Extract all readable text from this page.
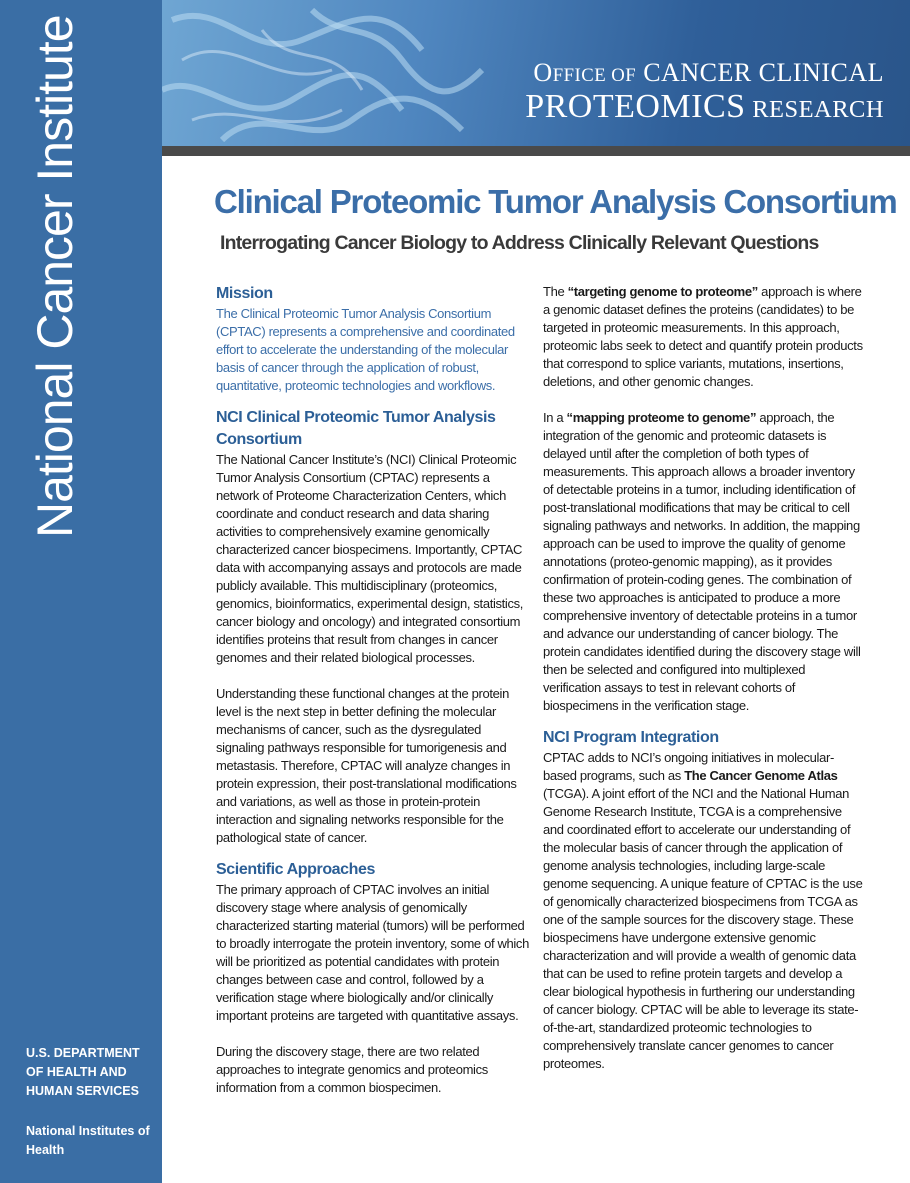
National Cancer Institute
U.S. DEPARTMENT OF HEALTH AND HUMAN SERVICES
National Institutes of Health
OFFICE OF CANCER CLINICAL
PROTEOMICS RESEARCH
Clinical Proteomic Tumor Analysis Consortium
Interrogating Cancer Biology to Address Clinically Relevant Questions
Mission

The Clinical Proteomic Tumor Analysis Consortium (CPTAC) represents a comprehensive and coordinated effort to accelerate the understanding of the molecular basis of cancer through the application of robust, quantitative, proteomic technologies and workflows.

NCI Clinical Proteomic Tumor Analysis Consortium

The National Cancer Institute’s (NCI) Clinical Proteomic Tumor Analysis Consortium (CPTAC) represents a network of Proteome Characterization Centers, which coordinate and conduct research and data sharing activities to comprehensively examine genomically characterized cancer biospecimens. Importantly, CPTAC data with accompanying assays and protocols are made publicly available. This multidisciplinary (proteomics, genomics, bioinformatics, experimental design, statistics, cancer biology and oncology) and integrated consortium identifies proteins that result from changes in cancer genomes and their related biological processes.

Understanding these functional changes at the protein level is the next step in better defining the molecular mechanisms of cancer, such as the dysregulated signaling pathways responsible for tumorigenesis and metastasis. Therefore, CPTAC will analyze changes in protein expression, their post-translational modifications and variations, as well as those in protein-protein interaction and signaling networks responsible for the pathological state of cancer.

Scientific Approaches

The primary approach of CPTAC involves an initial discovery stage where analysis of genomically characterized starting material (tumors) will be performed to broadly interrogate the protein inventory, some of which will be prioritized as potential candidates with protein changes between case and control, followed by a verification stage where biologically and/or clinically important proteins are targeted with quantitative assays.

During the discovery stage, there are two related approaches to integrate genomics and proteomics information from a common biospecimen.

The “targeting genome to proteome” approach is where a genomic dataset defines the proteins (candidates) to be targeted in proteomic measurements. In this approach, proteomic labs seek to detect and quantify protein products that correspond to splice variants, mutations, insertions, deletions, and other genomic changes.

In a “mapping proteome to genome” approach, the integration of the genomic and proteomic datasets is delayed until after the completion of both types of measurements. This approach allows a broader inventory of detectable proteins in a tumor, including identification of post-translational modifications that may be critical to cell signaling pathways and networks. In addition, the mapping approach can be used to improve the quality of genome annotations (proteo-genomic mapping), as it provides confirmation of protein-coding genes. The combination of these two approaches is anticipated to produce a more comprehensive inventory of detectable proteins in a tumor and advance our understanding of cancer biology. The protein candidates identified during the discovery stage will then be selected and configured into multiplexed verification assays to test in relevant cohorts of biospecimens in the verification stage.

NCI Program Integration

CPTAC adds to NCI’s ongoing initiatives in molecular-based programs, such as The Cancer Genome Atlas (TCGA). A joint effort of the NCI and the National Human Genome Research Institute, TCGA is a comprehensive and coordinated effort to accelerate our understanding of the molecular basis of cancer through the application of genome analysis technologies, including large-scale genome sequencing. A unique feature of CPTAC is the use of genomically characterized biospecimens from TCGA as one of the sample sources for the discovery stage. These biospecimens have undergone extensive genomic characterization and will provide a wealth of genomic data that can be used to refine protein targets and develop a clear biological hypothesis in furthering our understanding of cancer biology. CPTAC will be able to leverage its state-of-the-art, standardized proteomic technologies to comprehensively translate cancer genomes to cancer proteomes.
